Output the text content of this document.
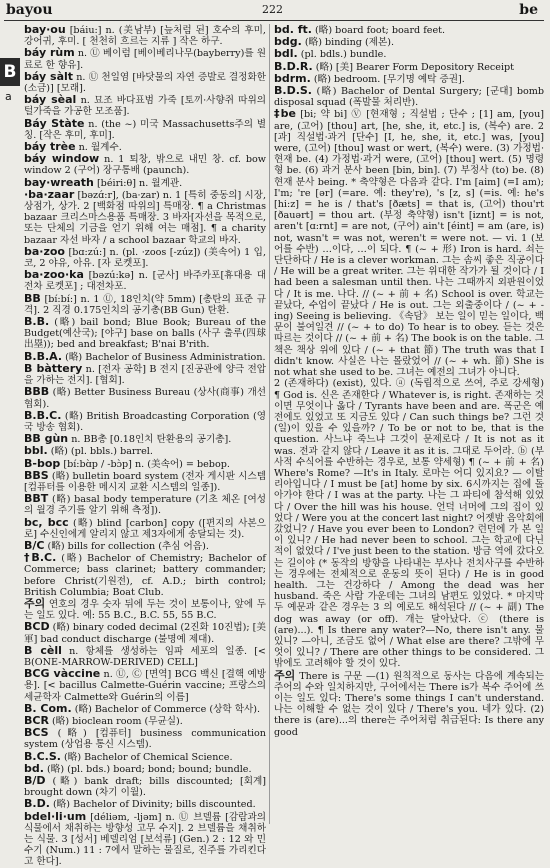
bayou	222	be
B
a

bay·ou [báiu:] n. (美남부) [늪처럼 된] 호수의 후미, 강어귀, 후미. [ 천천히 흐르는 지류 ] 작은 하구.

báy rùm n. Ⓤ 베이럼 [베이베리나무(bayberry)를 원료로 한 향유].

báy sàlt n. Ⓤ 천일염 [바닷물의 자연 증발로 결정화한 (소금)] [모래].

báy sèal n. 묘조 바다표범 가죽 [토끼·사향쥐 따위의 털가죽을 가공한 모조품].

Báy Stàte n. (the ~) 미국 Massachusetts주의 별칭. [작은 후미, 후미].

báy trèe n. 월계수.

báy window n. 1 퇴창, 밖으로 내민 창. cf. bow window 2 (구어) 장구통배 (paunch).

bay·wreath [béiri:θ] n. 월계관.

·ba·zaar [bəzɑ́:r], (ba·zar) n. 1 [특히 중동의] 시장, 상점가, 상가. 2 [백화점 따위의] 특매장. ¶ a Christmas bazaar 크리스마스용품 특매장. 3 바자[자선을 목적으로, 또는 단체의 기금을 얻기 위해 여는 매점]. ¶ a charity bazaar 자선 바자 / a school bazaar 학교의 바자.

ba·zoo [bɑ:zú:] n. (pl. ·zoos [-zúz]) (美속어) 1 입, 코, 2 야유, 아유. [자 로켓포].

ba·zoo·ka [bəzú:kə] n. [군사] 바주카포[휴대용 대전차 로켓포] ; 대전차포.

BB [bí:bí:] n. 1 Ⓤ, 18인치(약 5mm) [총탄의 표준 규격]. 2 직경 0.175인치의 공기총(BB Gun) 탄환.

B.B. (略) bail bond; Blue Book; Bureau of the Budget(예산국); [야구] base on balls (사구 출루(四球出塁)); bed and breakfast; B'nai B'rith.

B.B.A. (略) Bachelor of Business Administration.

B bàttery n. [전자 공학] B 전지 [진공관에 양극 전압을 가하는 전지]. [협회].

BBB (略) Better Business Bureau (상사(商事) 개선 협회).

B.B.C. (略) British Broadcasting Corporation (영국 방송 협회).

BB gùn n. BB총 [0.18인치 탄환용의 공기총].

bbl. (略) (pl. bbls.) barrel.

B-bop [bí:bɑ̀p / -bɔ̀p] n. (美속어) = bebop.

BBS (略) bulletin board system (전자 게시판 시스템 [컴퓨터를 이용한 메시지 교환 시스템의 일종]).

BBT (略) basal body temperature (기초 체온 [여성의 월경 주기를 알기 위해 측정]).

bc, bcc (略) blind [carbon] copy ([편지의 사본으로] 수신인에게 알리지 않고 제3자에게 송달되는 것).

B/C (略) bills for collection (추심 어음).

†B.C. (略) Bachelor of Chemistry; Bachelor of Commerce; bass clarinet; battery commander; before Christ(기원전), cf. A.D.; birth control; British Columbia; Boat Club.

주의 연호의 경우 숫자 뒤에 두는 것이 보통이나, 앞에 두는 일도 있다. 예: 55 B.C., B.C. 55, 55 B.C.

BCD (略) binary coded decimal (2진화 10진법); [美軍] bad conduct discharge (불명예 제대).

B cèll n. 항체를 생성하는 임파 세포의 일종. [< B(ONE-MARROW-DERIVED) CELL]

BCG vàccine n. Ⓤ, Ⓒ [면역] BCG 백신 [결핵 예방용]. [< bacillus Calmette-Guérin vaccine; 프랑스의 세균학자 Calmette와 Guérin의 이름]

B. Com. (略) Bachelor of Commerce (상학 학사).

BCR (略) bioclean room (무균실).

BCS (略) [컴퓨터] business communication system (상업용 통신 시스템).

B.C.S. (略) Bachelor of Chemical Science.

bd. (略) (pl. bds.) board; bond; bound; bundle.

B/D (略) bank draft; bills discounted; [회계] brought down (차기 이월).

B.D. (略) Bachelor of Divinity; bills discounted.

bdel·li·um [déliəm, -ljəm] n. Ⓤ 브델륨 [감람과의 식물에서 채취하는 방향성 고무 수지]. 2 브델륨을 채취하는 식물. 3 [성서] 베델리엄 [보석류] (Gen.) 2 : 12 와 민수기 (Num.) 11 : 7에서 말하는 물질로, 진주를 가리킨다고 한다].

bd. ft. (略) board foot; board feet.

bdg. (略) binding (제본).

bdl. (pl. bdls.) bundle.

B.D.R. (略) [美] Bearer Form Depository Receipt

bdrm. (略) bedroom. [무기명 예탁 증권].

B.D.S. (略) Bachelor of Dental Surgery; [군대] bomb disposal squad (폭발물 처리반).

‡be [bi; 약 bi] Ⓥ [현재형 ; 직설법 ; 단수 ; [1] am, [you] are, (고어) [thou] art, [he, she, it, etc.] is, (복수) are. 2 [과] 직설법·과거 [단수] [I, he, she, it, etc.] was, [you] were, (고어) [thou] wast or wert, (복수) were. (3) 가정법·현재 be. (4) 가정법·과거 were, (고어) [thou] wert. (5) 명령형 be. (6) 과거 분사 been [bin, bin]. (7) 부정사 (to) be. (8) 현재 분사 being. * 축약형은 다음과 같다. I'm [aim] (=I am); I'm; 're [ər] (=are. 예: they're), 's [z, s] (=is. 예: he's [hi:z] = he is / that's [ðæts] = that is, (고어) thou'rt [ðauərt] = thou art. (부정 축약형) isn't [iznt] = is not, aren't [ɑ:rnt] = are not, (구어) ain't [éint] = am (are, is) not, wasn't = was not, weren't = were not. — vi. 1 (보어를 수반) …이다, …이 되다. ¶ (~ + 形) Iron is hard. 쇠는 단단하다 / He is a clever workman. 그는 솜씨 좋은 직공이다 / He will be a great writer. 그는 위대한 작가가 될 것이다 / I had been a salesman until then. 나는 그때까지 외판원이었다 / It is me. 나다. // (~ + 前 + 名) School is over. 학교는 끝났다, 수업이 끝났다 / He is out. 그는 외출중이다 / (~ + -ing) Seeing is believing. 《속담》 보는 일이 믿는 일이다, 백문이 불여일견 // (~ + to do) To hear is to obey. 듣는 것은 따르는 것이다 // (~ + 前 + 名) The book is on the table. 그 책은 책상 위에 있다 / (~ + that 節) The truth was that I didn't know. 사실은 나는 몰랐었어 // (~ + wh. 節) She is not what she used to be. 그녀는 예전의 그녀가 아니다.

2 (존재하다) (exist), 있다. ⓐ (독립적으로 쓰여, 주로 강세형) ¶ God is. 신은 존재한다 / Whatever is, is right. 존재하는 것이면 무엇이나 옳다 / Tyrants have been and are. 폭군은 예전에도 있었고 또 지금도 있다 / Can such things be? 그런 것(일)이 있을 수 있을까? / To be or not to be, that is the question. 사느냐 죽느냐 그것이 문제로다 / It is not as it was. 전과 같지 않다 / Leave it as it is. 그대로 두어라. ⓑ (부사적 수식어를 수반하는 경우로, 보통 약세형) ¶ (~ + 前 + 名) Where's Rome? —It's in Italy. 로마는 어디 있지요? — 이탈리아입니다 / I must be [at] home by six. 6시까지는 집에 돌아가야 한다 / I was at the party. 나는 그 파티에 참석해 있었다 / Over the hill was his house. 언덕 너머에 그의 집이 있었다 / Were you at the concert last night? 어젯밤 음악회에 갔었니? / Have you ever been to London? 런던에 가 본 일이 있니? / He had never been to school. 그는 학교에 다닌 적이 없었다 / I've just been to the station. 방금 역에 갔다오는 길이야 (* 동작의 방향을 나타내는 부사나 전치사구를 수반하는 경우에는 전체적으로 운동의 뜻이 된다) / He is in good health. 그는 건강하다 / Among the dead was her husband. 죽은 사람 가운데는 그녀의 남편도 있었다. * 마지막 두 예문과 같은 경우는 3 의 예로도 해석된다 // (~ + 副) The dog was away (or off). 개는 달아났다. ⓒ (there is (are)...). ¶ Is there any water?—No, there isn't any. 물 있니? —아니, 조금도 없어 / What else are there? 그밖에 무엇이 있니? / There are other things to be considered. 그밖에도 고려해야 할 것이 있다.

주의 There is 구문 —(1) 원칙적으로 동사는 다음에 계속되는 주어의 수와 일치하지만, 구어에서는 There is가 복수 주어에 쓰이는 일도 있다: There's some things I can't understand. 나는 이해할 수 없는 것이 있다 / There's you. 네가 있다. (2) there is (are)...의 there는 주어처럼 취급된다: Is there any good
